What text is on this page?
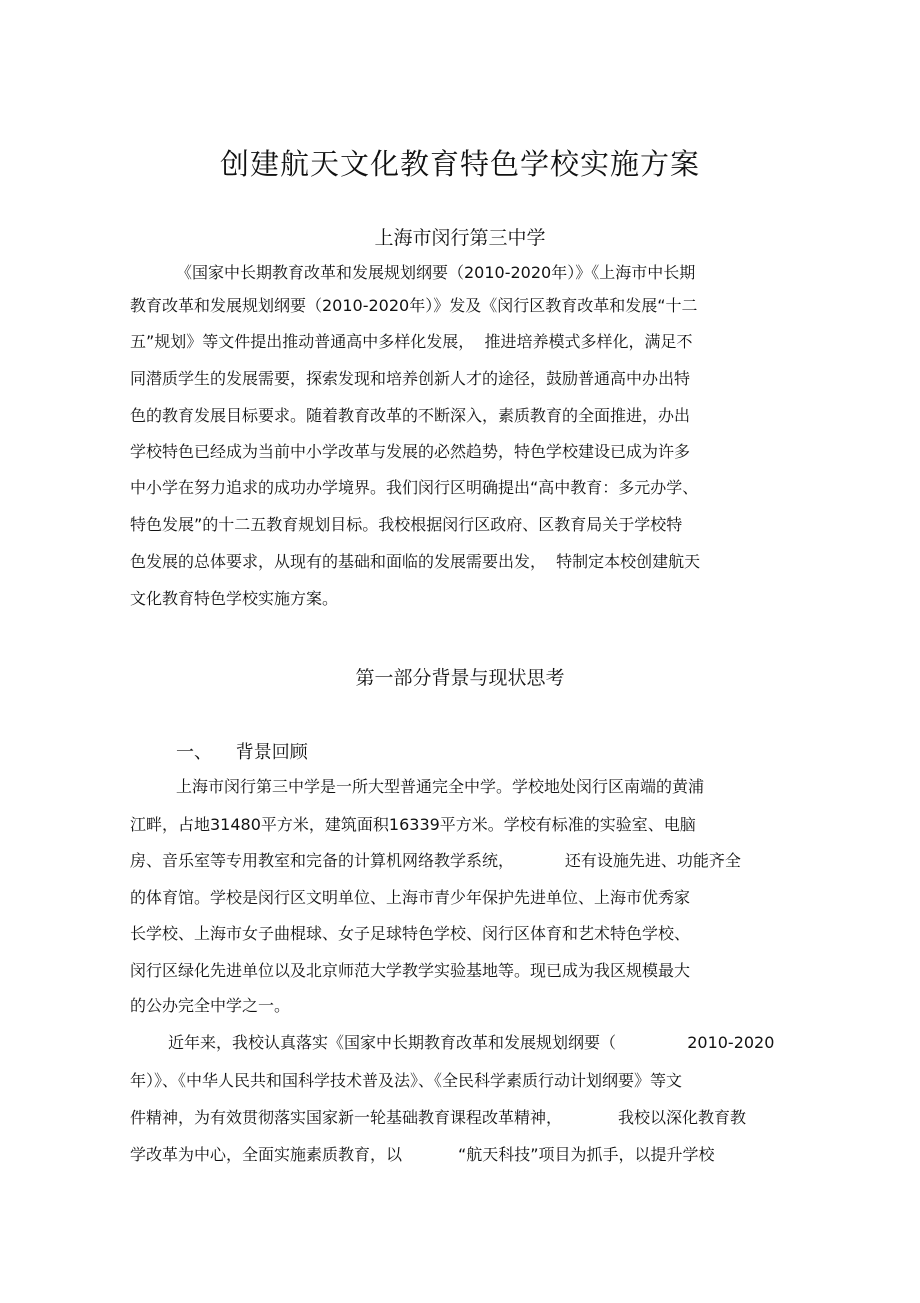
创建航天文化教育特色学校实施方案
上海市闵行第三中学
《国家中长期教育改革和发展规划纲要（2010-2020年）》《上海市中长期
教育改革和发展规划纲要（2010-2020年）》发及《闵行区教育改革和发展“十二
五”规划》等文件提出推动普通高中多样化发展，  推进培养模式多样化，满足不
同潜质学生的发展需要，探索发现和培养创新人才的途径，鼓励普通高中办出特
色的教育发展目标要求。随着教育改革的不断深入，素质教育的全面推进，办出
学校特色已经成为当前中小学改革与发展的必然趋势，特色学校建设已成为许多
中小学在努力追求的成功办学境界。我们闵行区明确提出“高中教育：多元办学、
特色发展”的十二五教育规划目标。我校根据闵行区政府、区教育局关于学校特
色发展的总体要求，从现有的基础和面临的发展需要出发，  特制定本校创建航天
文化教育特色学校实施方案。
第一部分背景与现状思考
一、 背景回顾
上海市闵行第三中学是一所大型普通完全中学。学校地处闵行区南端的黄浦
江畔，占地31480平方米，建筑面积16339平方米。学校有标准的实验室、电脑
房、音乐室等专用教室和完备的计算机网络教学系统，          还有设施先进、功能齐全
的体育馆。学校是闵行区文明单位、上海市青少年保护先进单位、上海市优秀家
长学校、上海市女子曲棍球、女子足球特色学校、闵行区体育和艺术特色学校、
闵行区绿化先进单位以及北京师范大学教学实验基地等。现已成为我区规模最大
的公办完全中学之一。
近年来，我校认真落实《国家中长期教育改革和发展规划纲要（              2010-2020
年）》、《中华人民共和国科学技术普及法》、《全民科学素质行动计划纲要》等文
件精神，为有效贯彻落实国家新一轮基础教育课程改革精神，           我校以深化教育教
学改革为中心，全面实施素质教育，以           “航天科技”项目为抓手，以提升学校
